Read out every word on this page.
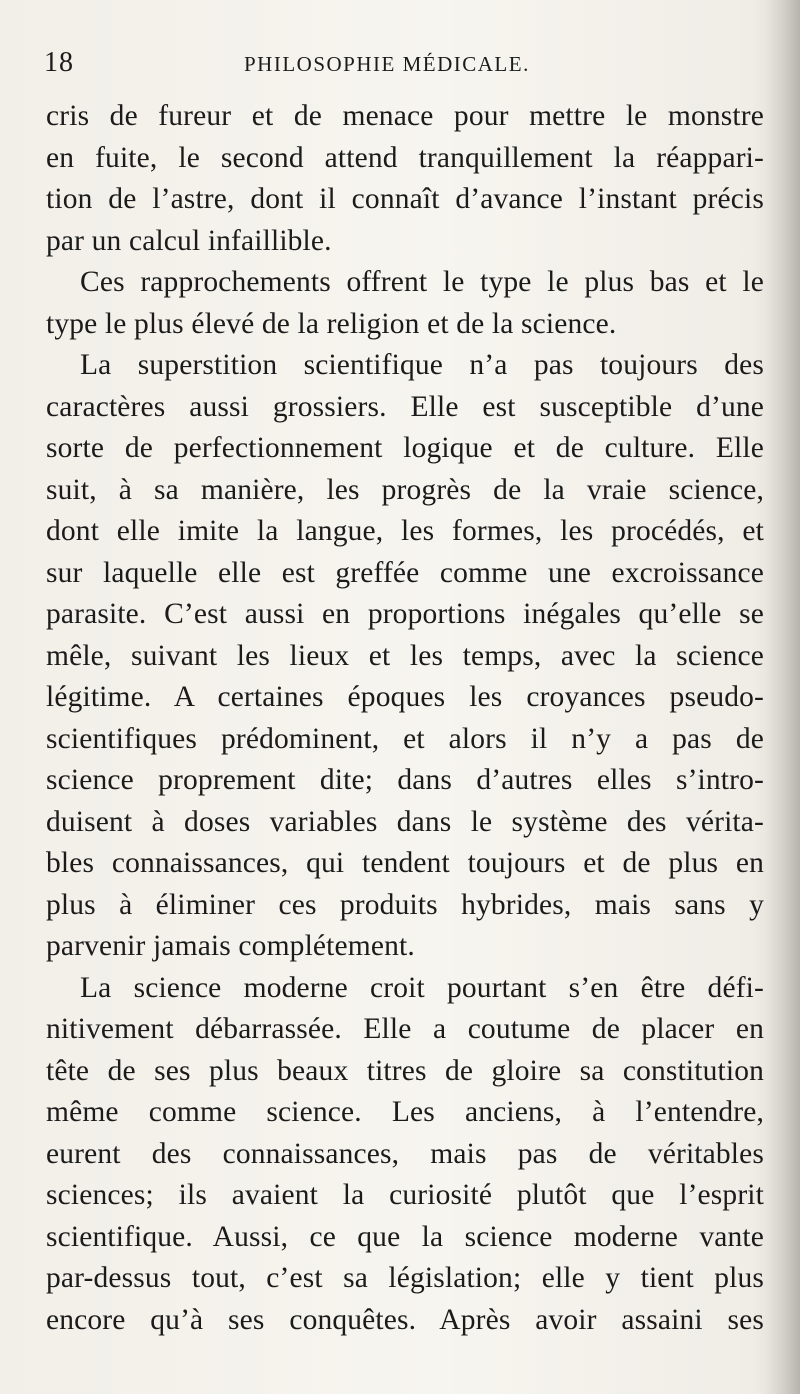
18	PHILOSOPHIE MÉDICALE.
cris de fureur et de menace pour mettre le monstre
en fuite, le second attend tranquillement la réappari-
tion de l’astre, dont il connaît d’avance l’instant précis
par un calcul infaillible.
Ces rapprochements offrent le type le plus bas et le
type le plus élevé de la religion et de la science.
La superstition scientifique n’a pas toujours des
caractères aussi grossiers. Elle est susceptible d’une
sorte de perfectionnement logique et de culture. Elle
suit, à sa manière, les progrès de la vraie science,
dont elle imite la langue, les formes, les procédés, et
sur laquelle elle est greffée comme une excroissance
parasite. C’est aussi en proportions inégales qu’elle se
mêle, suivant les lieux et les temps, avec la science
légitime. A certaines époques les croyances pseudo-
scientifiques prédominent, et alors il n’y a pas de
science proprement dite; dans d’autres elles s’intro-
duisent à doses variables dans le système des vérita-
bles connaissances, qui tendent toujours et de plus en
plus à éliminer ces produits hybrides, mais sans y
parvenir jamais complétement.
La science moderne croit pourtant s’en être défi-
nitivement débarrassée. Elle a coutume de placer en
tête de ses plus beaux titres de gloire sa constitution
même comme science. Les anciens, à l’entendre,
eurent des connaissances, mais pas de véritables
sciences; ils avaient la curiosité plutôt que l’esprit
scientifique. Aussi, ce que la science moderne vante
par-dessus tout, c’est sa législation; elle y tient plus
encore qu’à ses conquêtes. Après avoir assaini ses
